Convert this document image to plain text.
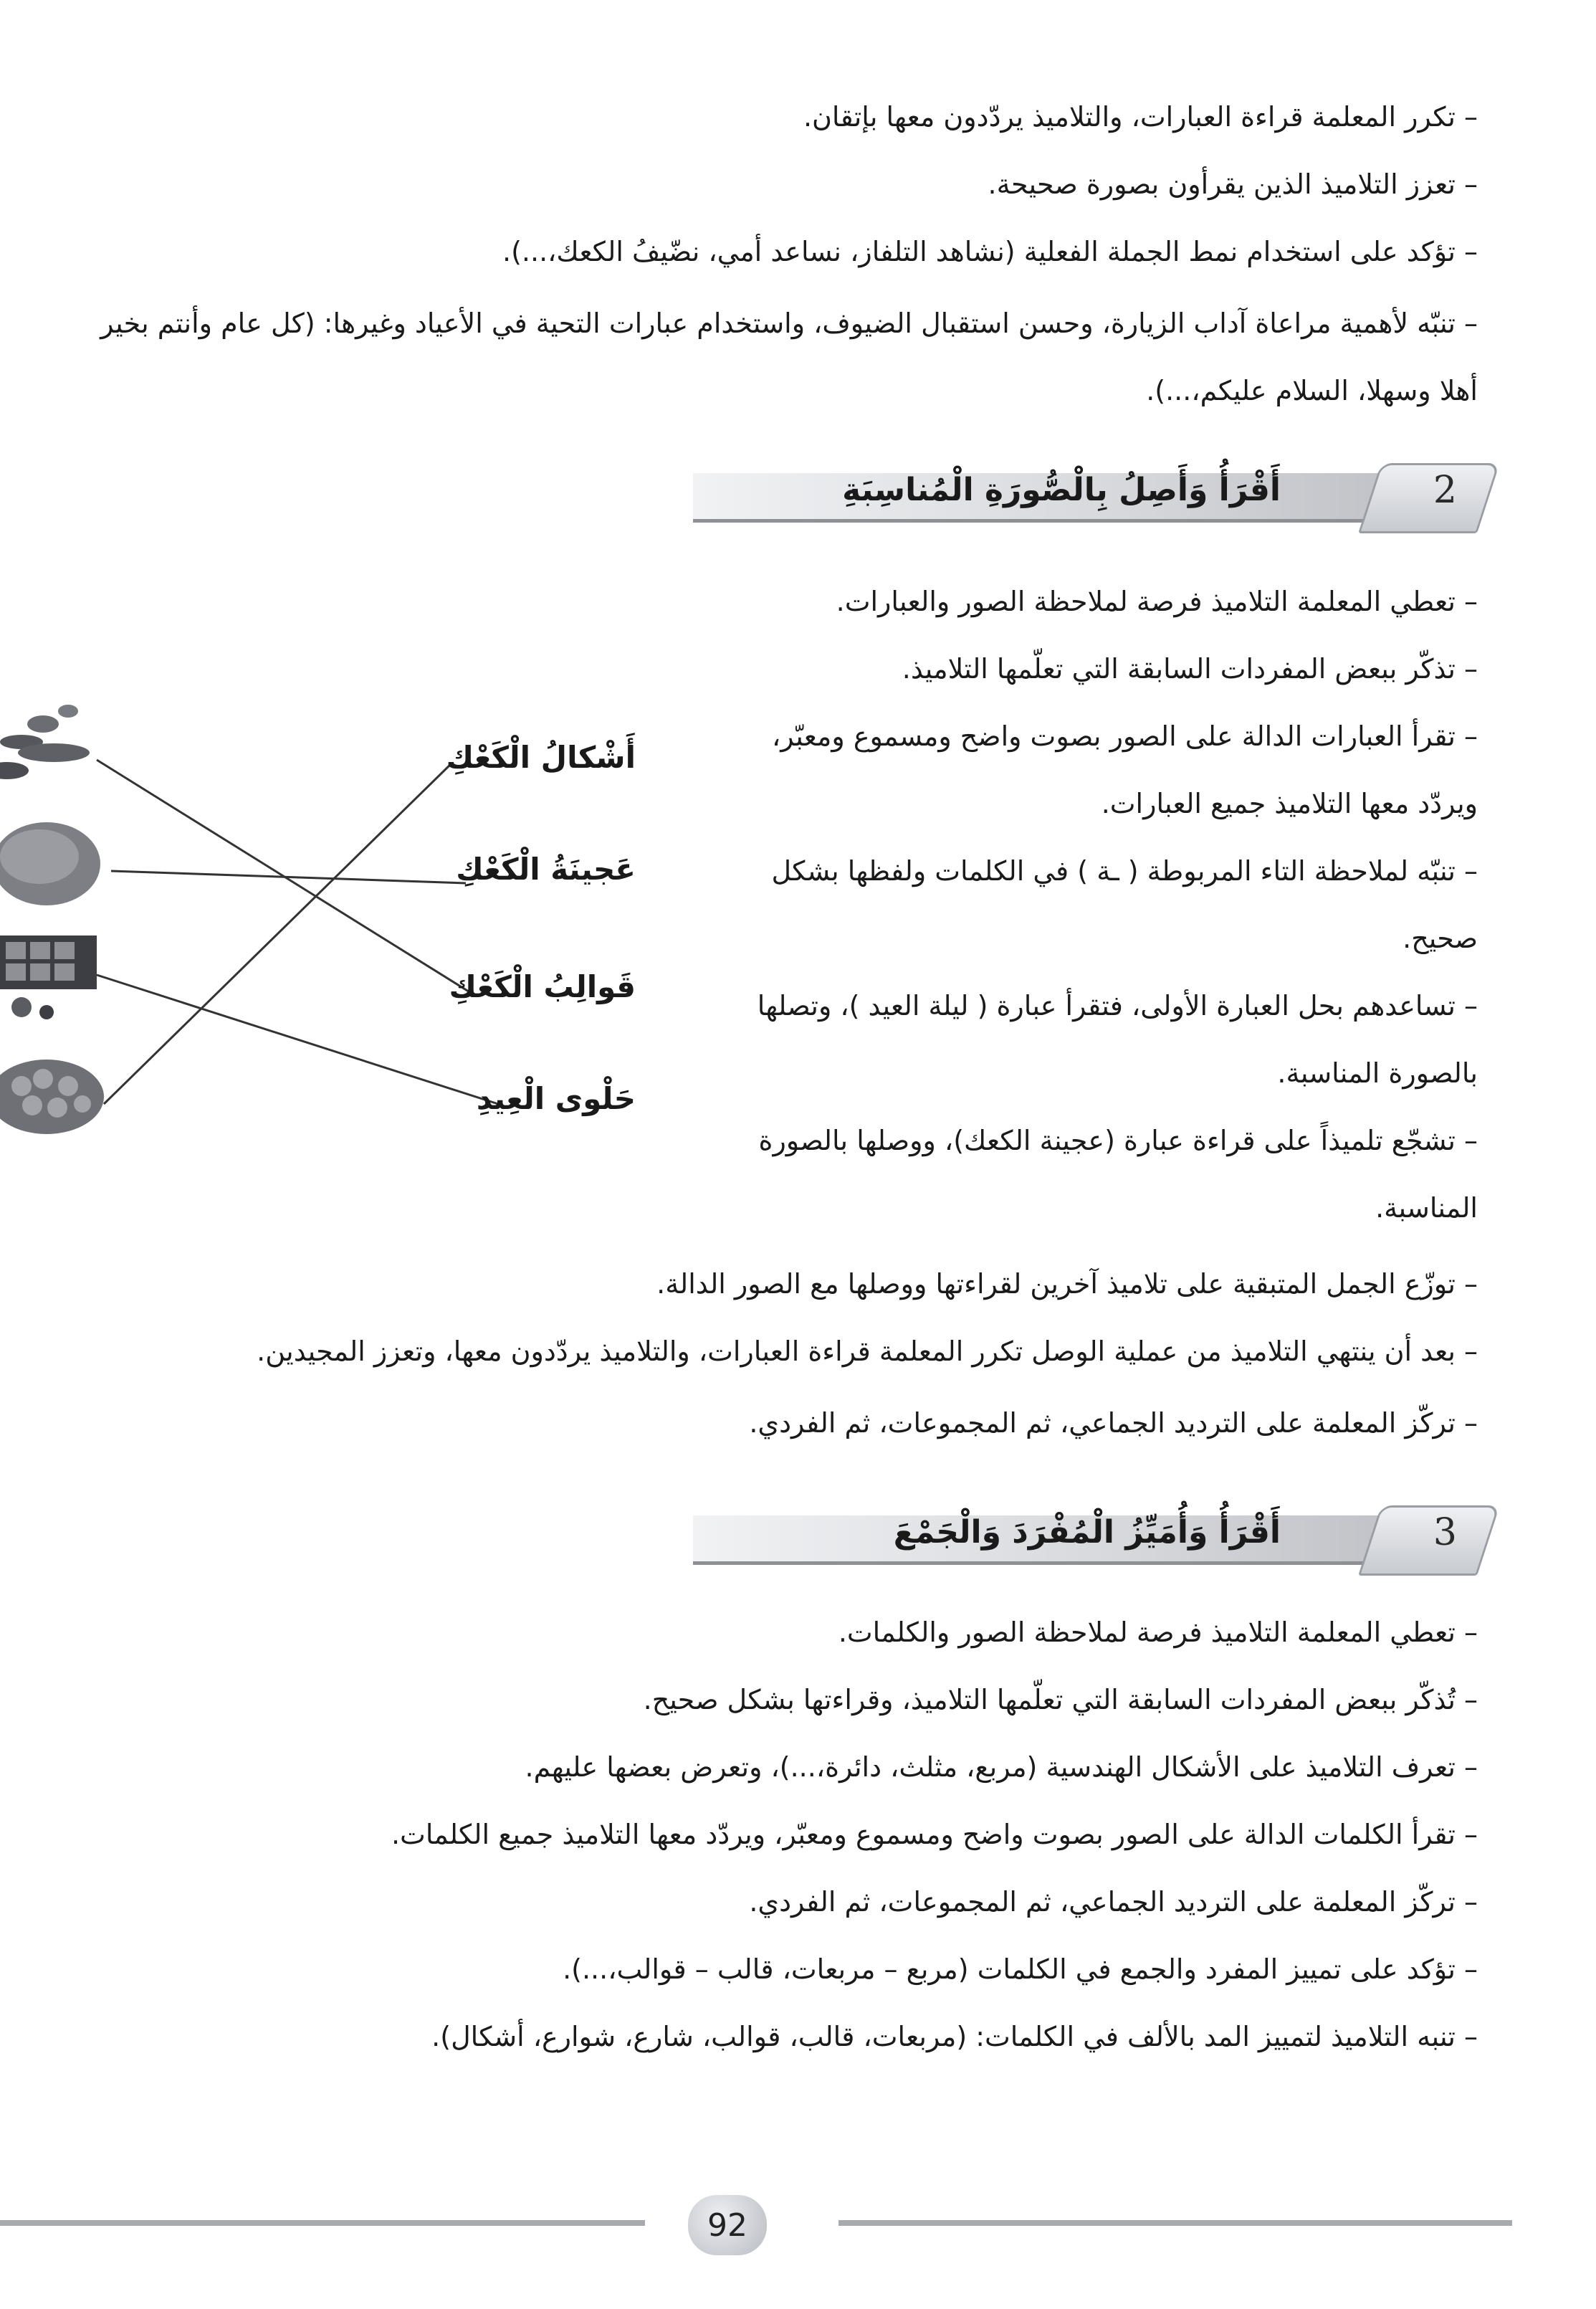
–تكرر المعلمة قراءة العبارات، والتلاميذ يردّدون معها بإتقان.
–تعزز التلاميذ الذين يقرأون بصورة صحيحة.
–تؤكد على استخدام نمط الجملة الفعلية (نشاهد التلفاز، نساعد أمي، نضّيفُ الكعك،...).
–تنبّه لأهمية مراعاة آداب الزيارة، وحسن استقبال الضيوف، واستخدام عبارات التحية في الأعياد وغيرها: (كل عام وأنتم بخير
أهلا وسهلا، السلام عليكم،...).
2
أَقْرَأُ وَأَصِلُ بِالْصُّورَةِ الْمُناسِبَةِ
–تعطي المعلمة التلاميذ فرصة لملاحظة الصور والعبارات.
–تذكّر ببعض المفردات السابقة التي تعلّمها التلاميذ.
–تقرأ العبارات الدالة على الصور بصوت واضح ومسموع ومعبّر،
ويردّد معها التلاميذ جميع العبارات.
–تنبّه لملاحظة التاء المربوطة ( ـة ) في الكلمات ولفظها بشكل
صحيح.
–تساعدهم بحل العبارة الأولى، فتقرأ عبارة ( ليلة العيد )، وتصلها
بالصورة المناسبة.
–تشجّع تلميذاً على قراءة عبارة (عجينة الكعك)، ووصلها بالصورة
المناسبة.
–توزّع الجمل المتبقية على تلاميذ آخرين لقراءتها ووصلها مع الصور الدالة.
–بعد أن ينتهي التلاميذ من عملية الوصل تكرر المعلمة قراءة العبارات، والتلاميذ يردّدون معها، وتعزز المجيدين.
–تركّز المعلمة على الترديد الجماعي، ثم المجموعات، ثم الفردي.
أَشْكالُ الْكَعْكِ
عَجينَةُ الْكَعْكِ
قَوالِبُ الْكَعْكِ
حَلْوى الْعِيدِ
3
أَقْرَأُ وَأُمَيِّزُ الْمُفْرَدَ وَالْجَمْعَ
–تعطي المعلمة التلاميذ فرصة لملاحظة الصور والكلمات.
–تُذكّر ببعض المفردات السابقة التي تعلّمها التلاميذ، وقراءتها بشكل صحيح.
–تعرف التلاميذ على الأشكال الهندسية (مربع، مثلث، دائرة،...)، وتعرض بعضها عليهم.
–تقرأ الكلمات الدالة على الصور بصوت واضح ومسموع ومعبّر، ويردّد معها التلاميذ جميع الكلمات.
–تركّز المعلمة على الترديد الجماعي، ثم المجموعات، ثم الفردي.
–تؤكد على تمييز المفرد والجمع في الكلمات (مربع – مربعات، قالب – قوالب،...).
–تنبه التلاميذ لتمييز المد بالألف في الكلمات: (مربعات، قالب، قوالب، شارع، شوارع، أشكال).
92
